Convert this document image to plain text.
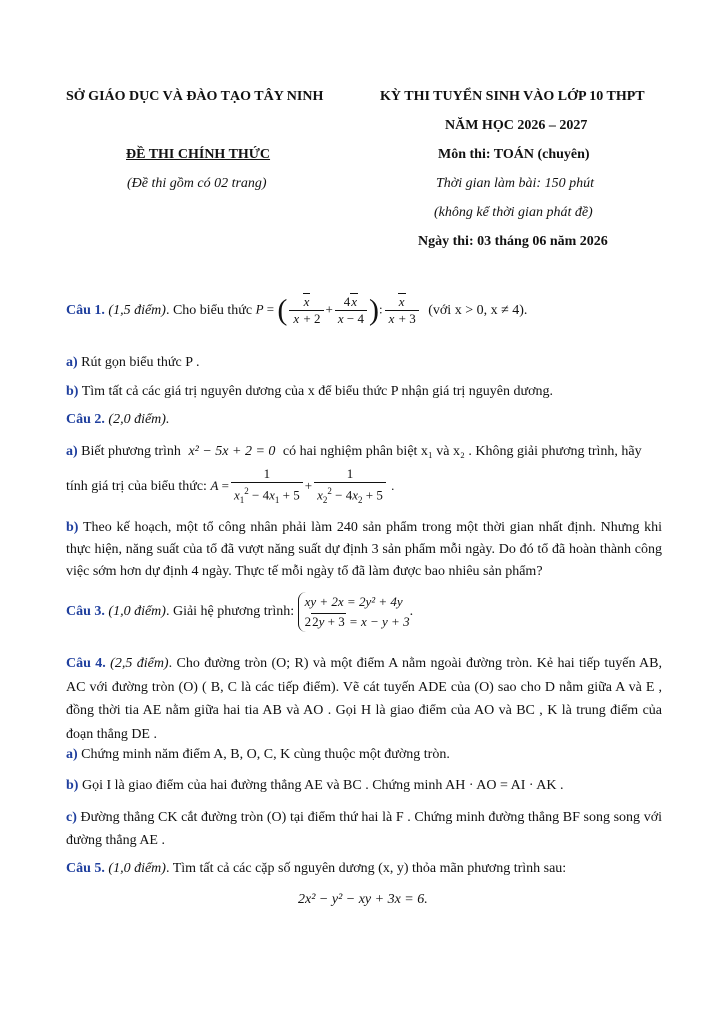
SỞ GIÁO DỤC VÀ ĐÀO TẠO TÂY NINH	KỲ THI TUYỂN SINH VÀO LỚP 10 THPT
NĂM HỌC 2026 – 2027
ĐỀ THI CHÍNH THỨC	Môn thi: TOÁN (chuyên)
(Đề thi gồm có 02 trang)	Thời gian làm bài: 150 phút
(không kể thời gian phát đề)
Ngày thi: 03 tháng 06 năm 2026
Câu 1. (1,5 điểm). Cho biểu thức P = ( $\frac{x}{x + 2} + \frac{4x}{x - 4}$ ): $\frac{x}{x + 3}$ (với x > 0, x ≠ 4).
a) Rút gọn biểu thức P .
b) Tìm tất cả các giá trị nguyên dương của x để biểu thức P nhận giá trị nguyên dương.
Câu 2. (2,0 điểm).
a) Biết phương trình x² − 5x + 2 = 0 có hai nghiệm phân biệt x₁ và x₂ . Không giải phương trình, hãy
tính giá trị của biểu thức: $A = \frac{1}{x_1^2 - 4x_1 + 5} + \frac{1}{x_2^2 - 4x_2 + 5}$ .
b) Theo kế hoạch, một tổ công nhân phải làm 240 sản phẩm trong một thời gian nhất định. Nhưng khi thực hiện, năng suất của tổ đã vượt năng suất dự định 3 sản phẩm mỗi ngày. Do đó tổ đã hoàn thành công việc sớm hơn dự định 4 ngày. Thực tế mỗi ngày tổ đã làm được bao nhiêu sản phẩm?
Câu 3. (1,0 điểm). Giải hệ phương trình:
xy + 2x = 2y² + 4y
22y + 3 = x − y + 3
.
Câu 4. (2,5 điểm). Cho đường tròn (O; R) và một điểm A nằm ngoài đường tròn. Kẻ hai tiếp tuyến AB, AC với đường tròn (O) ( B, C là các tiếp điểm). Vẽ cát tuyến ADE của (O) sao cho D nằm giữa A và E , đồng thời tia AE nằm giữa hai tia AB và AO . Gọi H là giao điểm của AO và BC , K là trung điểm của đoạn thẳng DE .
a) Chứng minh năm điểm A, B, O, C, K cùng thuộc một đường tròn.
b) Gọi I là giao điểm của hai đường thẳng AE và BC . Chứng minh AH · AO = AI · AK .
c) Đường thẳng CK cắt đường tròn (O) tại điểm thứ hai là F . Chứng minh đường thẳng BF song song với đường thẳng AE .
Câu 5. (1,0 điểm). Tìm tất cả các cặp số nguyên dương (x, y) thỏa mãn phương trình sau:
2x² − y² − xy + 3x = 6.
